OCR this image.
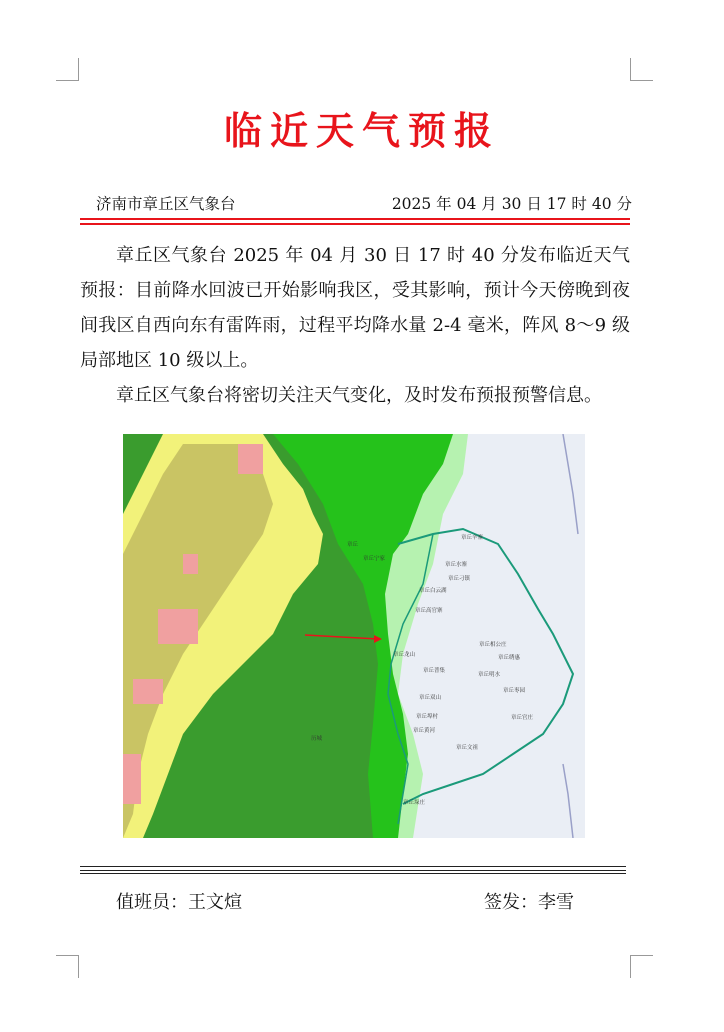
临近天气预报
济南市章丘区气象台	2025 年 04 月 30 日 17 时 40 分

章丘区气象台 2025 年 04 月 30 日 17 时 40 分发布临近天气预报：目前降水回波已开始影响我区，受其影响，预计今天傍晚到夜间我区自西向东有雷阵雨，过程平均降水量 2-4 毫米，阵风 8～9 级局部地区 10 级以上。

章丘区气象台将密切关注天气变化，及时发布预报预警信息。

章丘
章丘宁家
章丘白云湖
章丘刁镇
章丘相公庄
章丘明水
章丘埠村
章丘文祖
章丘官庄
章丘垛庄
章丘普集
章丘双山
章丘高官寨
章丘辛寨
章丘水寨
章丘黄河
章丘枣园
章丘绣惠
章丘龙山
历城
值班员：王文煊	签发：李雪
